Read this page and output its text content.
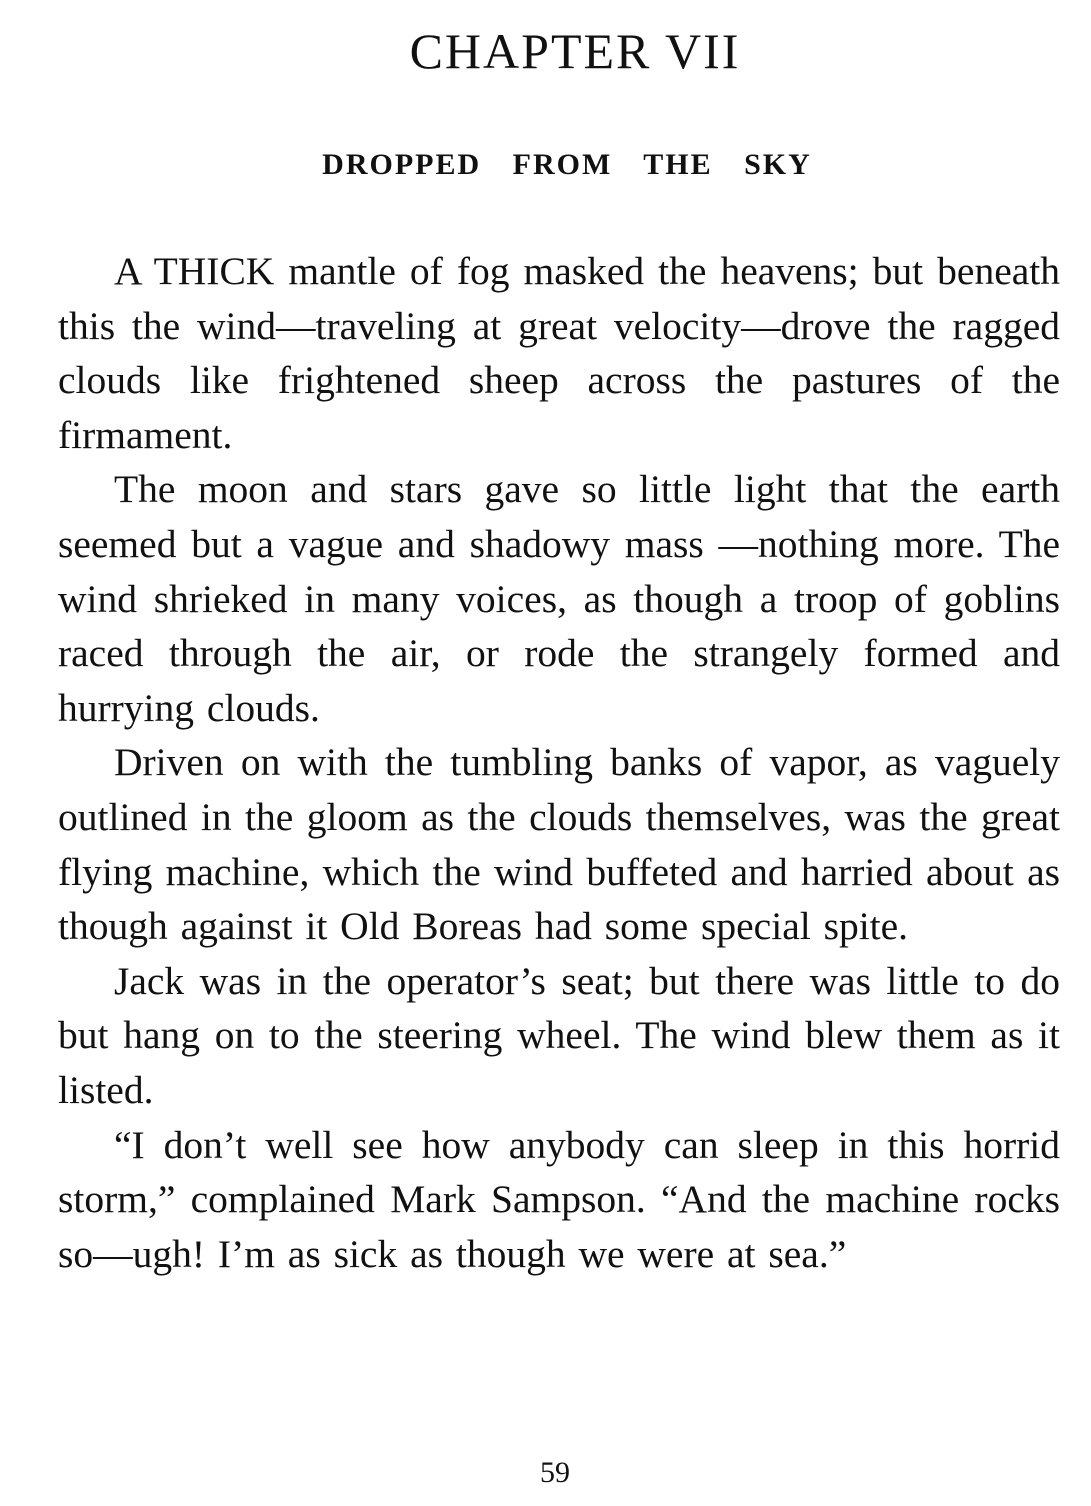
CHAPTER VII
DROPPED FROM THE SKY

A THICK mantle of fog masked the heavens; but beneath this the wind—traveling at great velocity—drove the ragged clouds like frightened sheep across the pastures of the firmament.

The moon and stars gave so little light that the earth seemed but a vague and shadowy mass —nothing more. The wind shrieked in many voices, as though a troop of goblins raced through the air, or rode the strangely formed and hurrying clouds.

Driven on with the tumbling banks of vapor, as vaguely outlined in the gloom as the clouds themselves, was the great flying machine, which the wind buffeted and harried about as though against it Old Boreas had some special spite.

Jack was in the operator’s seat; but there was little to do but hang on to the steering wheel. The wind blew them as it listed.

“I don’t well see how anybody can sleep in this horrid storm,” complained Mark Sampson. “And the machine rocks so—ugh! I’m as sick as though we were at sea.”

59
